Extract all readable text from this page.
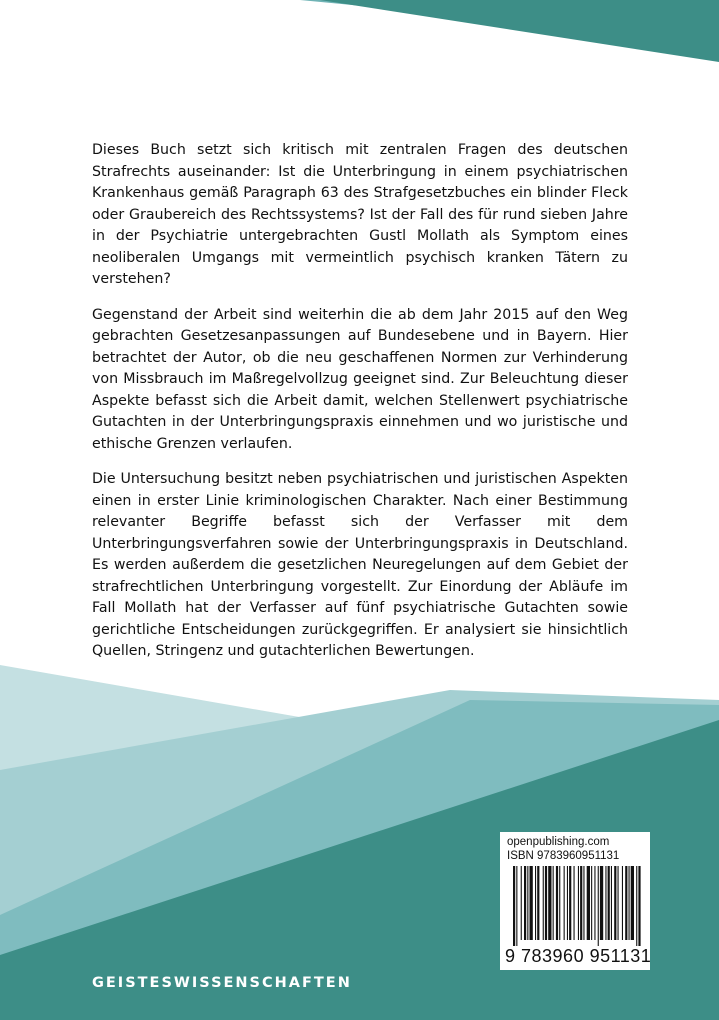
Dieses Buch setzt sich kritisch mit zentralen Fragen des deutschen Strafrechts auseinander: Ist die Unterbringung in einem psychiatrischen Krankenhaus gemäß Paragraph 63 des Strafgesetzbuches ein blinder Fleck oder Graubereich des Rechtssystems? Ist der Fall des für rund sieben Jahre in der Psychiatrie untergebrachten Gustl Mollath als Symptom eines neoliberalen Umgangs mit vermeintlich psychisch kranken Tätern zu verstehen?

Gegenstand der Arbeit sind weiterhin die ab dem Jahr 2015 auf den Weg gebrachten Gesetzesanpassungen auf Bundesebene und in Bayern. Hier betrachtet der Autor, ob die neu geschaffenen Normen zur Verhinderung von Missbrauch im Maßregelvollzug geeignet sind. Zur Beleuchtung dieser Aspekte befasst sich die Arbeit damit, welchen Stellenwert psychiatrische Gutachten in der Unterbringungspraxis einnehmen und wo juristische und ethische Grenzen verlaufen.

Die Untersuchung besitzt neben psychiatrischen und juristischen Aspekten einen in erster Linie kriminologischen Charakter. Nach einer Bestimmung relevanter Begriffe befasst sich der Verfasser mit dem Unterbringungsverfahren sowie der Unterbringungspraxis in Deutschland. Es werden außerdem die gesetzlichen Neuregelungen auf dem Gebiet der strafrechtlichen Unterbringung vorgestellt. Zur Einordung der Abläufe im Fall Mollath hat der Verfasser auf fünf psychiatrische Gutachten sowie gerichtliche Entscheidungen zurückgegriffen. Er analysiert sie hinsichtlich Quellen, Stringenz und gutachterlichen Bewertungen.

openpublishing.com
ISBN 9783960951131
9 783960 951131
GEISTESWISSENSCHAFTEN
